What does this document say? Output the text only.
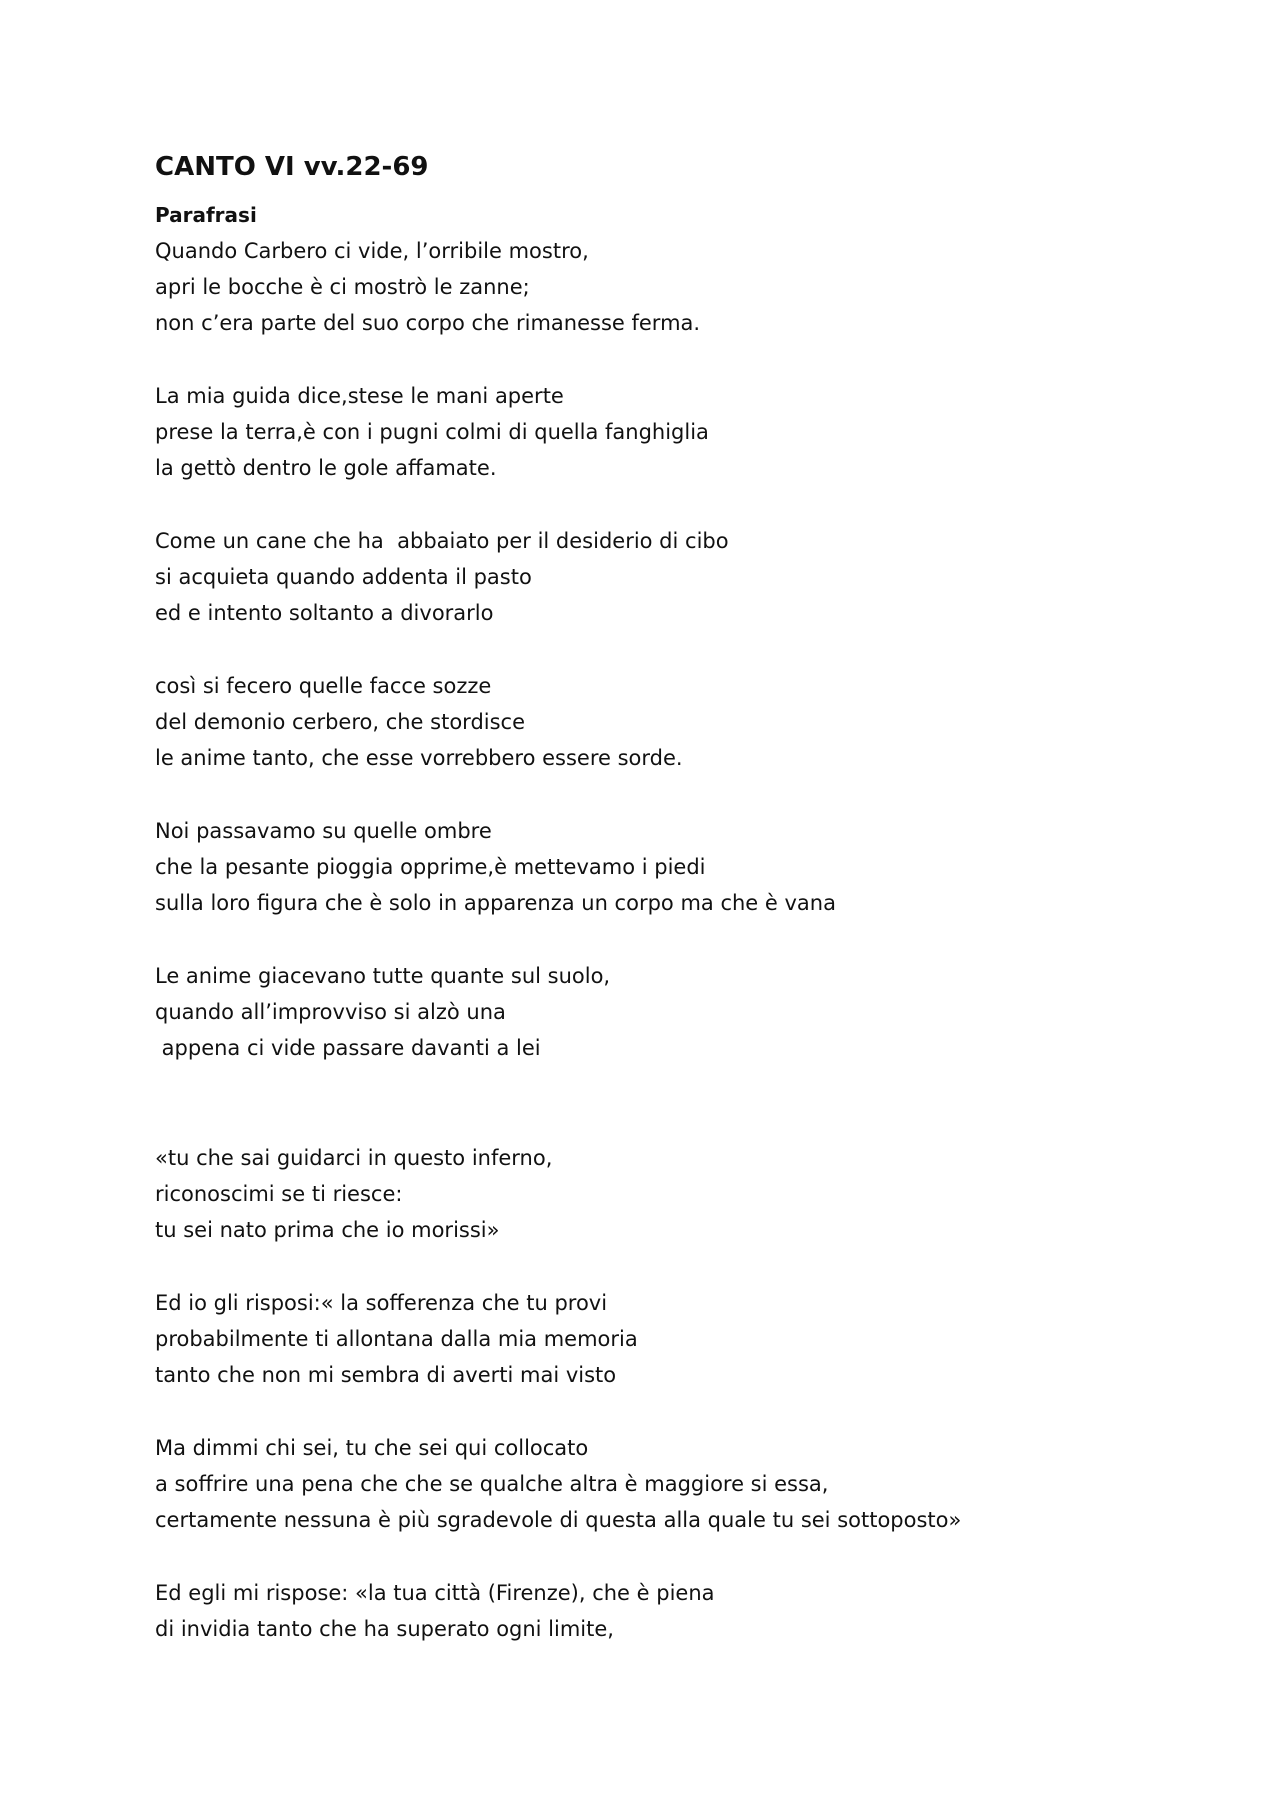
CANTO VI vv.22-69
Parafrasi

Quando Carbero ci vide, l’orribile mostro,

apri le bocche è ci mostrò le zanne;

non c’era parte del suo corpo che rimanesse ferma.

La mia guida dice,stese le mani aperte

prese la terra,è con i pugni colmi di quella fanghiglia

la gettò dentro le gole affamate.

Come un cane che ha  abbaiato per il desiderio di cibo

si acquieta quando addenta il pasto

ed e intento soltanto a divorarlo

così si fecero quelle facce sozze

del demonio cerbero, che stordisce

le anime tanto, che esse vorrebbero essere sorde.

Noi passavamo su quelle ombre

che la pesante pioggia opprime,è mettevamo i piedi

sulla loro figura che è solo in apparenza un corpo ma che è vana

Le anime giacevano tutte quante sul suolo,

quando all’improvviso si alzò una

appena ci vide passare davanti a lei

«tu che sai guidarci in questo inferno,

riconoscimi se ti riesce:

tu sei nato prima che io morissi»

Ed io gli risposi:« la sofferenza che tu provi

probabilmente ti allontana dalla mia memoria

tanto che non mi sembra di averti mai visto

Ma dimmi chi sei, tu che sei qui collocato

a soffrire una pena che che se qualche altra è maggiore si essa,

certamente nessuna è più sgradevole di questa alla quale tu sei sottoposto»

Ed egli mi rispose: «la tua città (Firenze), che è piena

di invidia tanto che ha superato ogni limite,
